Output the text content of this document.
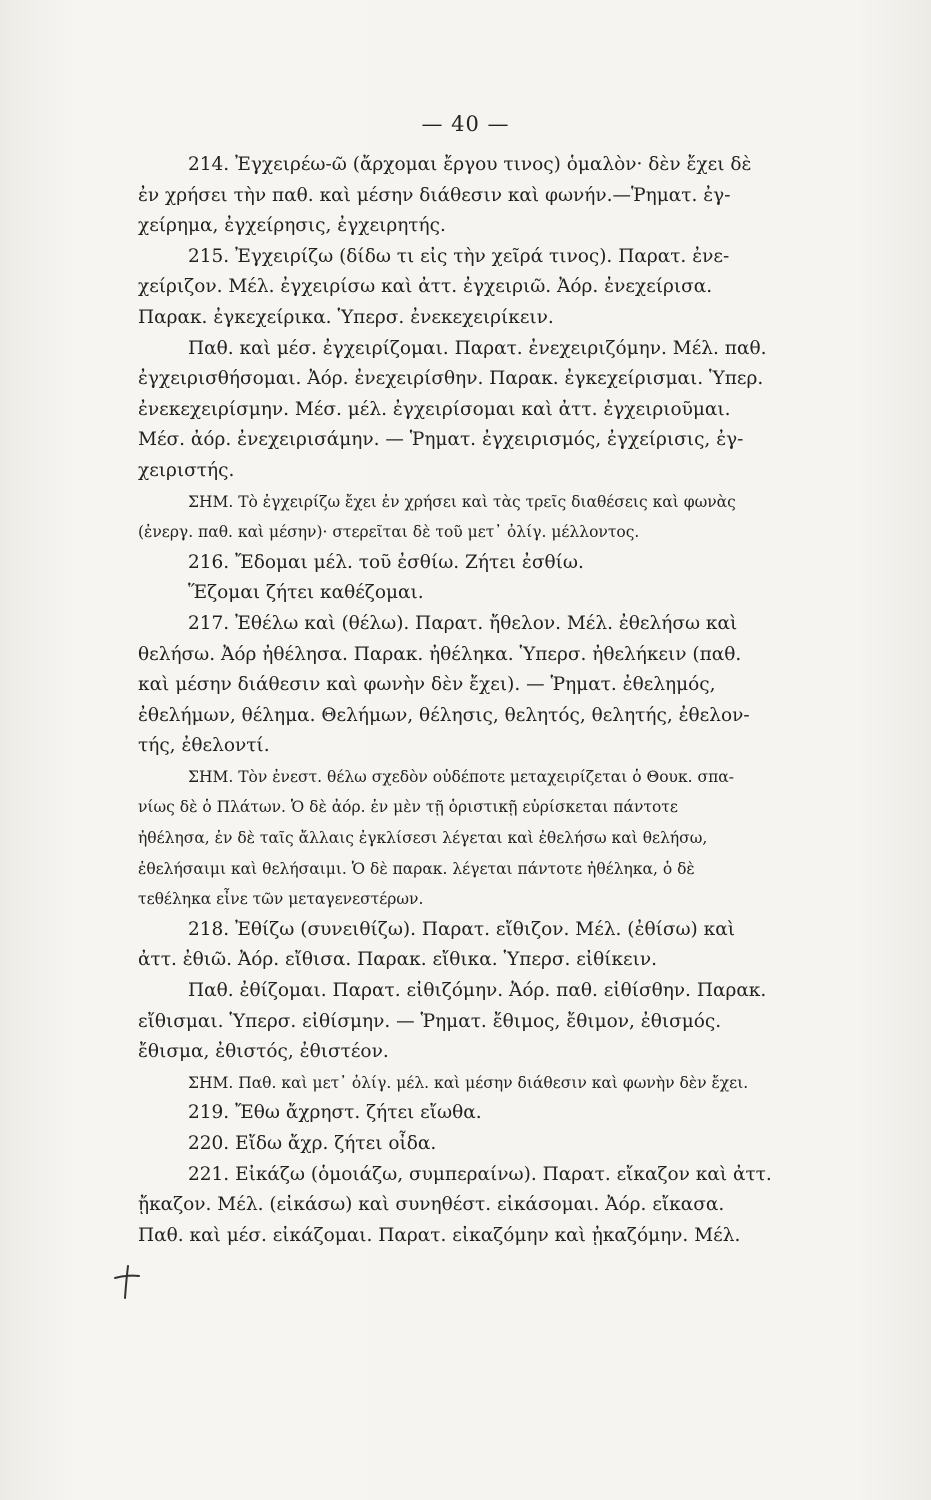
— 40 —

214. Ἐγχειρέω-ῶ (ἄρχομαι ἔργου τινος) ὁμαλὸν· δὲν ἔχει δὲ

ἐν χρήσει τὴν παθ. καὶ μέσην διάθεσιν καὶ φωνήν.—Ῥηματ. ἐγ-

χείρημα, ἐγχείρησις, ἐγχειρητής.

215. Ἐγχειρίζω (δίδω τι εἰς τὴν χεῖρά τινος). Παρατ. ἐνε-

χείριζον. Μέλ. ἐγχειρίσω καὶ ἀττ. ἐγχειριῶ. Ἀόρ. ἐνεχείρισα.

Παρακ. ἐγκεχείρικα. Ὑπερσ. ἐνεκεχειρίκειν.

Παθ. καὶ μέσ. ἐγχειρίζομαι. Παρατ. ἐνεχειριζόμην. Μέλ. παθ.

ἐγχειρισθήσομαι. Ἀόρ. ἐνεχειρίσθην. Παρακ. ἐγκεχείρισμαι. Ὑπερ.

ἐνεκεχειρίσμην. Μέσ. μέλ. ἐγχειρίσομαι καὶ ἀττ. ἐγχειριοῦμαι.

Μέσ. ἀόρ. ἐνεχειρισάμην. — Ῥηματ. ἐγχειρισμός, ἐγχείρισις, ἐγ-

χειριστής.

ΣΗΜ. Τὸ ἐγχειρίζω ἔχει ἐν χρήσει καὶ τὰς τρεῖς διαθέσεις καὶ φωνὰς

(ἐνεργ. παθ. καὶ μέσην)· στερεῖται δὲ τοῦ μετ᾽ ὀλίγ. μέλλοντος.

216. Ἔδομαι μέλ. τοῦ ἐσθίω. Ζήτει ἐσθίω.

Ἕζομαι ζήτει καθέζομαι.

217. Ἐθέλω καὶ (θέλω). Παρατ. ἤθελον. Μέλ. ἐθελήσω καὶ

θελήσω. Ἀόρ ἠθέλησα. Παρακ. ἠθέληκα. Ὑπερσ. ἠθελήκειν (παθ.

καὶ μέσην διάθεσιν καὶ φωνὴν δὲν ἔχει). — Ῥηματ. ἐθελημός,

ἐθελήμων, θέλημα. Θελήμων, θέλησις, θελητός, θελητής, ἐθελον-

τής, ἐθελοντί.

ΣΗΜ. Τὸν ἐνεστ. θέλω σχεδὸν οὐδέποτε μεταχειρίζεται ὁ Θουκ. σπα-

νίως δὲ ὁ Πλάτων. Ὁ δὲ ἀόρ. ἐν μὲν τῇ ὁριστικῇ εὑρίσκεται πάντοτε

ἠθέλησα, ἐν δὲ ταῖς ἄλλαις ἐγκλίσεσι λέγεται καὶ ἐθελήσω καὶ θελήσω,

ἐθελήσαιμι καὶ θελήσαιμι. Ὁ δὲ παρακ. λέγεται πάντοτε ἠθέληκα, ὁ δὲ

τεθέληκα εἶνε τῶν μεταγενεστέρων.

218. Ἐθίζω (συνειθίζω). Παρατ. εἴθιζον. Μέλ. (ἐθίσω) καὶ

ἀττ. ἐθιῶ. Ἀόρ. εἴθισα. Παρακ. εἴθικα. Ὑπερσ. εἰθίκειν.

Παθ. ἐθίζομαι. Παρατ. εἰθιζόμην. Ἀόρ. παθ. εἰθίσθην. Παρακ.

εἴθισμαι. Ὑπερσ. εἰθίσμην. — Ῥηματ. ἔθιμος, ἔθιμον, ἐθισμός.

ἔθισμα, ἐθιστός, ἐθιστέον.

ΣΗΜ. Παθ. καὶ μετ᾽ ὀλίγ. μέλ. καὶ μέσην διάθεσιν καὶ φωνὴν δὲν ἔχει.

219. Ἔθω ἄχρηστ. ζήτει εἴωθα.

220. Εἴδω ἄχρ. ζήτει οἶδα.

221. Εἰκάζω (ὁμοιάζω, συμπεραίνω). Παρατ. εἴκαζον καὶ ἀττ.

ᾔκαζον. Μέλ. (εἰκάσω) καὶ συνηθέστ. εἰκάσομαι. Ἀόρ. εἴκασα.

Παθ. καὶ μέσ. εἰκάζομαι. Παρατ. εἰκαζόμην καὶ ᾐκαζόμην. Μέλ.
